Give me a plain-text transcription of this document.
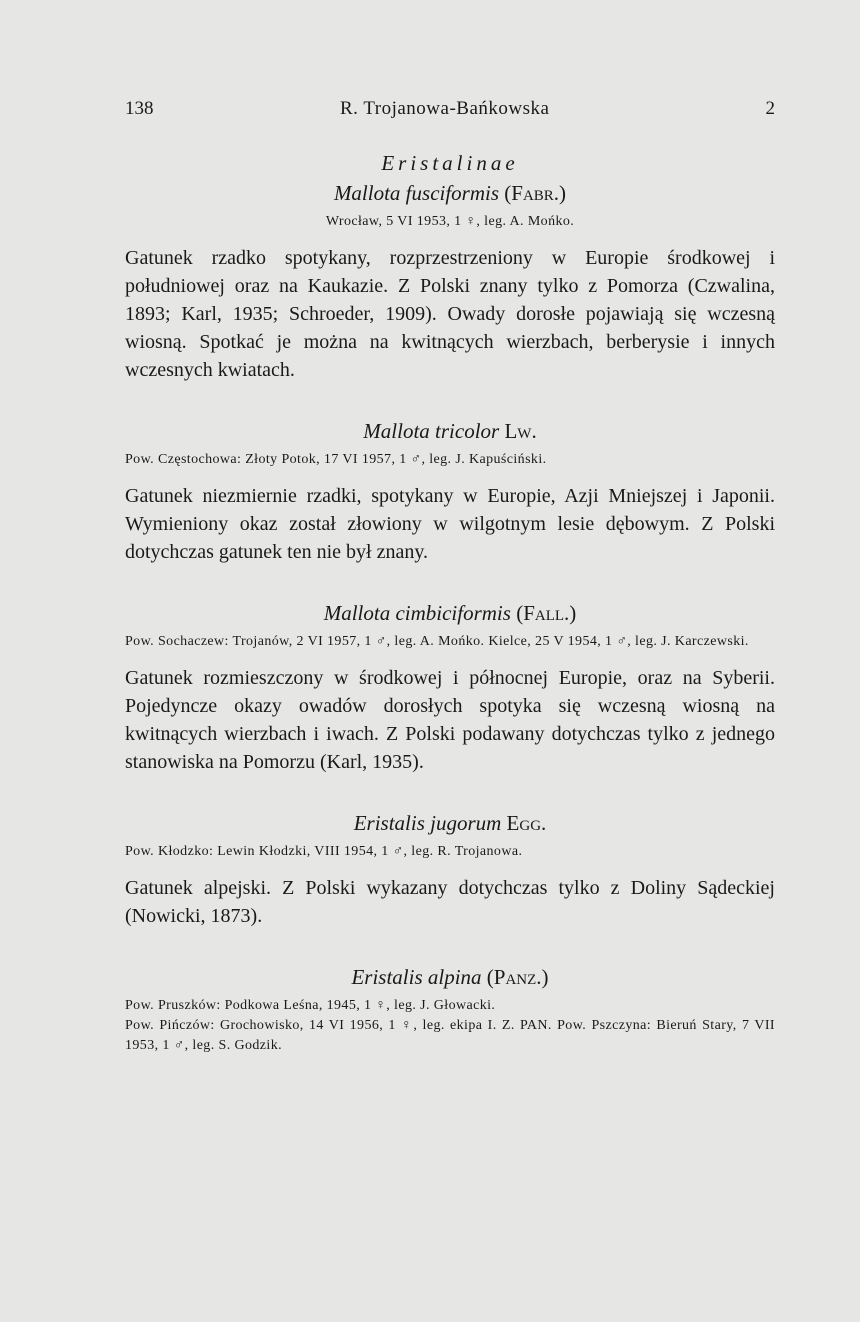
138	R. Trojanowa-Bańkowska	2
Eristalinae
Mallota fusciformis (Fabr.)
Wrocław, 5 VI 1953, 1 ♀, leg. A. Mońko.
Gatunek rzadko spotykany, rozprzestrzeniony w Europie środkowej i południowej oraz na Kaukazie. Z Polski znany tylko z Pomorza (Czwalina, 1893; Karl, 1935; Schroeder, 1909). Owady dorosłe pojawiają się wczesną wiosną. Spotkać je można na kwitnących wierzbach, berberysie i innych wczesnych kwiatach.
Mallota tricolor Lw.
Pow. Częstochowa: Złoty Potok, 17 VI 1957, 1 ♂, leg. J. Kapuściński.
Gatunek niezmiernie rzadki, spotykany w Europie, Azji Mniejszej i Japonii. Wymieniony okaz został złowiony w wilgotnym lesie dębowym. Z Polski dotychczas gatunek ten nie był znany.
Mallota cimbiciformis (Fall.)
Pow. Sochaczew: Trojanów, 2 VI 1957, 1 ♂, leg. A. Mońko. Kielce, 25 V 1954, 1 ♂, leg. J. Karczewski.
Gatunek rozmieszczony w środkowej i północnej Europie, oraz na Syberii. Pojedyncze okazy owadów dorosłych spotyka się wczesną wiosną na kwitnących wierzbach i iwach. Z Polski podawany dotychczas tylko z jednego stanowiska na Pomorzu (Karl, 1935).
Eristalis jugorum Egg.
Pow. Kłodzko: Lewin Kłodzki, VIII 1954, 1 ♂, leg. R. Trojanowa.
Gatunek alpejski. Z Polski wykazany dotychczas tylko z Doliny Sądeckiej (Nowicki, 1873).
Eristalis alpina (Panz.)
Pow. Pruszków: Podkowa Leśna, 1945, 1 ♀, leg. J. Głowacki.
Pow. Pińczów: Grochowisko, 14 VI 1956, 1 ♀, leg. ekipa I. Z. PAN. Pow. Pszczyna: Bieruń Stary, 7 VII 1953, 1 ♂, leg. S. Godzik.
